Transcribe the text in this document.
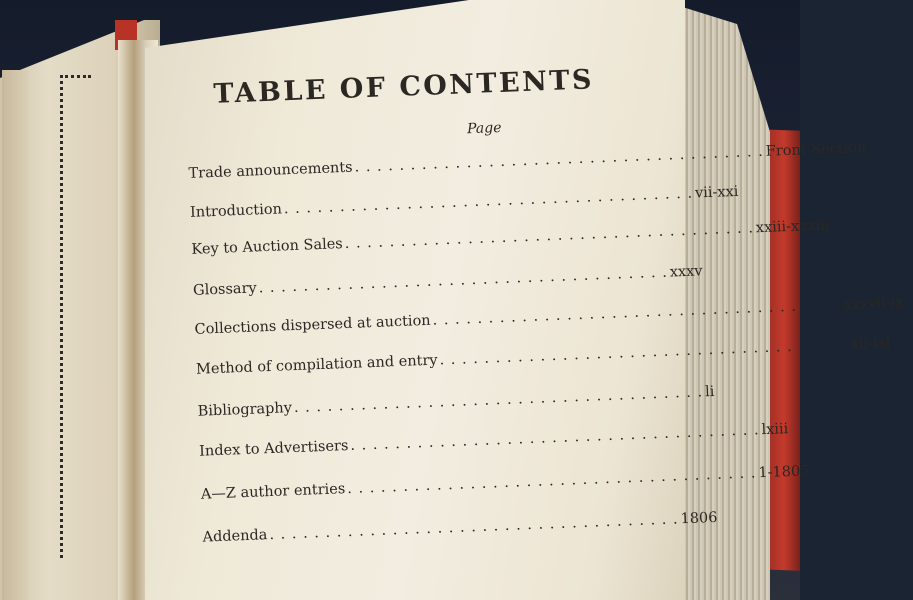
TABLE OF CONTENTS
Page
Trade announcements . . . . . . . . . . . . . . . . . . . . . . . . . . . . . . . . . . . . . Front Section
Introduction . . . . . . . . . . . . . . . . . . . . . . . . . . . . . . . . . . . . . vii-xxi
Key to Auction Sales . . . . . . . . . . . . . . . . . . . . . . . . . . . . . . . . . . . . . xxiii-xxxiii
Glossary . . . . . . . . . . . . . . . . . . . . . . . . . . . . . . . . . . . . . xxxv
Collections dispersed at auction . . . . . . . . . . . . . . . . . . . . . . . . . . . . . . . . . . . . . xxxvii-ix
Method of compilation and entry . . . . . . . . . . . . . . . . . . . . . . . . . . . . . . . . . . . . . xli-ixl
Bibliography . . . . . . . . . . . . . . . . . . . . . . . . . . . . . . . . . . . . . li
Index to Advertisers . . . . . . . . . . . . . . . . . . . . . . . . . . . . . . . . . . . . . lxiii
A—Z author entries . . . . . . . . . . . . . . . . . . . . . . . . . . . . . . . . . . . . . 1-1805
Addenda . . . . . . . . . . . . . . . . . . . . . . . . . . . . . . . . . . . . . 1806
